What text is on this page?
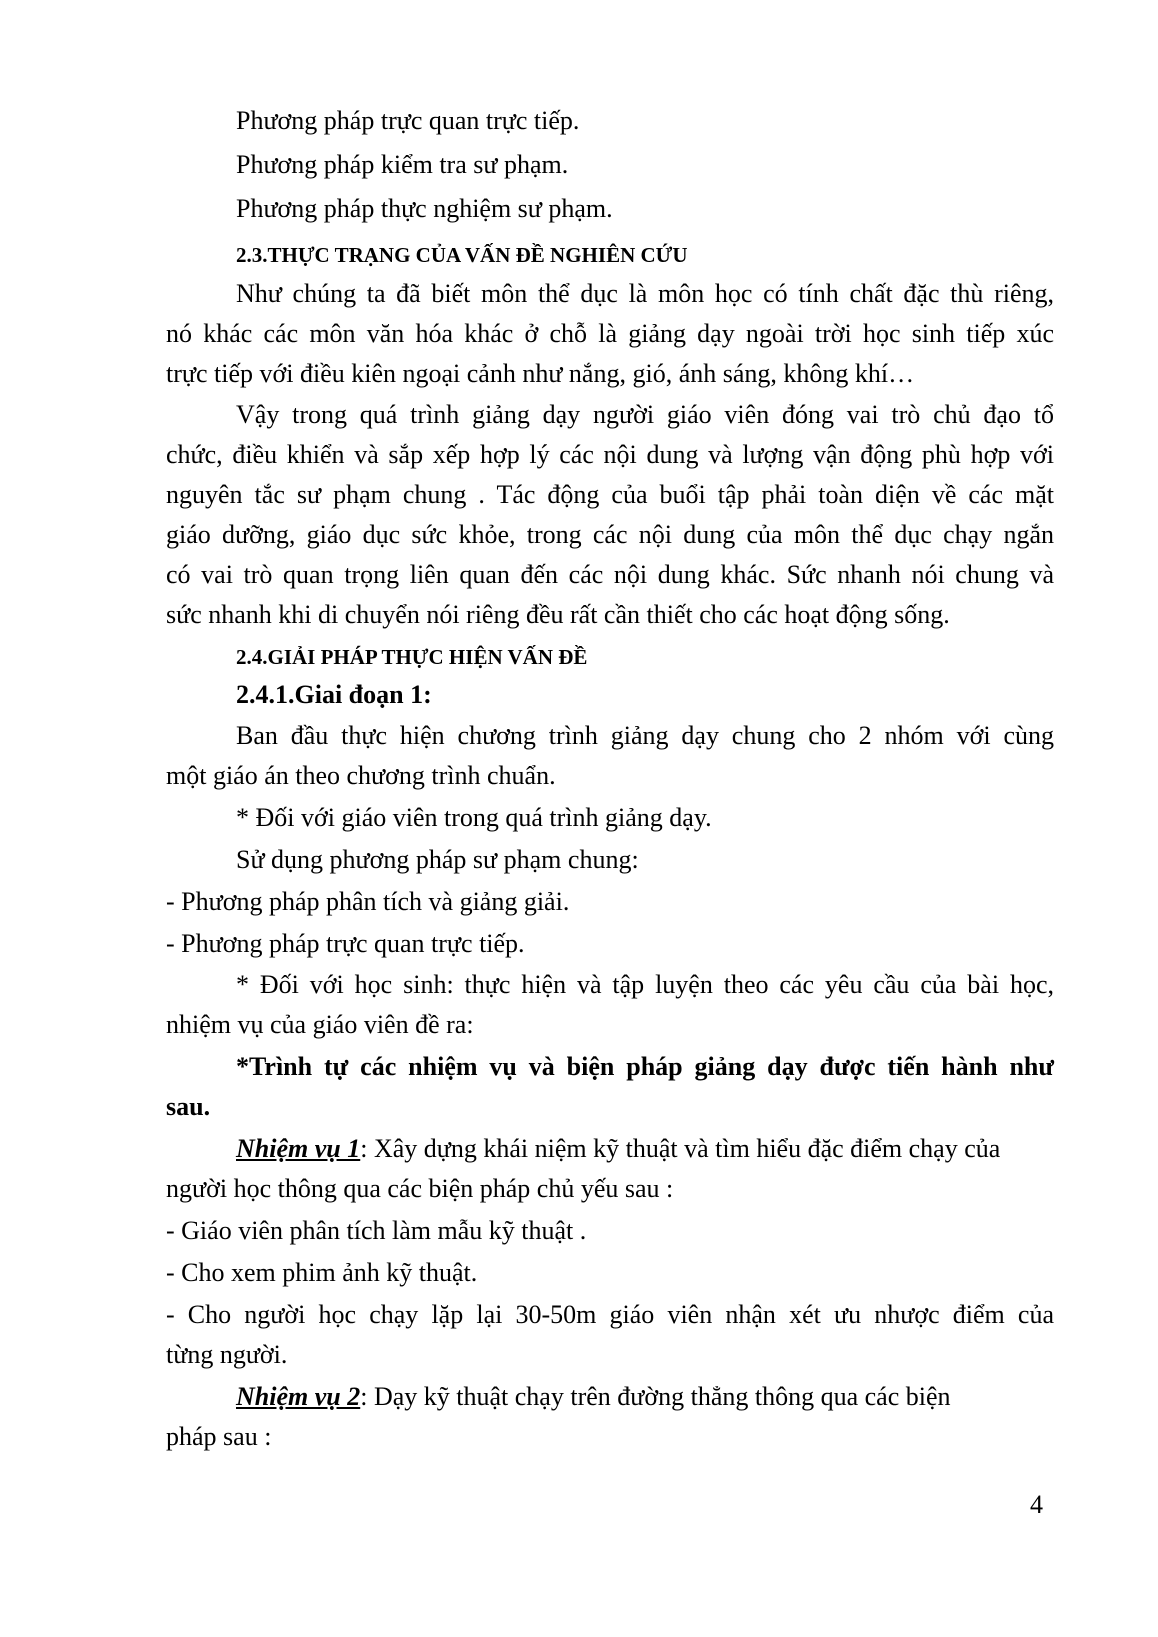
Phương pháp trực quan trực tiếp.
Phương pháp kiểm tra sư phạm.
Phương pháp thực nghiệm sư phạm.
2.3.THỰC TRẠNG CỦA VẤN ĐỀ NGHIÊN CỨU
Như chúng ta đã biết môn thể dục là môn học có tính chất đặc thù riêng,
nó khác các môn văn hóa khác ở chỗ là giảng dạy ngoài trời học sinh tiếp xúc
trực tiếp với điều kiên ngoại cảnh như nắng, gió, ánh sáng, không khí…
Vậy trong quá trình giảng dạy người giáo viên đóng vai trò chủ đạo tổ
chức, điều khiển và sắp xếp hợp lý các nội dung và lượng vận động phù hợp với
nguyên tắc sư phạm chung . Tác động của buổi tập phải toàn diện về các mặt
giáo dưỡng, giáo dục sức khỏe, trong các nội dung của môn thể dục chạy ngắn
có vai trò quan trọng liên quan đến các nội dung khác. Sức nhanh nói chung và
sức nhanh khi di chuyển nói riêng đều rất cần thiết cho các hoạt động sống.
2.4.GIẢI PHÁP THỰC HIỆN VẤN ĐỀ
2.4.1.Giai đoạn 1:
Ban đầu thực hiện chương trình giảng dạy chung cho 2 nhóm với cùng
một giáo án theo chương trình chuẩn.
* Đối với giáo viên trong quá trình giảng dạy.
Sử dụng phương pháp sư phạm chung:
- Phương pháp phân tích và giảng giải.
- Phương pháp trực quan trực tiếp.
* Đối với học sinh: thực hiện và tập luyện theo các yêu cầu của bài học,
nhiệm vụ của giáo viên đề ra:
*Trình tự các nhiệm vụ và biện pháp giảng dạy được tiến hành như
sau.
Nhiệm vụ 1: Xây dựng khái niệm kỹ thuật và tìm hiểu đặc điểm chạy của
người học thông qua các biện pháp chủ yếu sau :
- Giáo viên phân tích làm mẫu kỹ thuật .
- Cho xem phim ảnh kỹ thuật.
- Cho người học chạy lặp lại 30-50m giáo viên nhận xét ưu nhược điểm của
từng người.
Nhiệm vụ 2: Dạy kỹ thuật chạy trên đường thẳng thông qua các biện
pháp sau :
4
